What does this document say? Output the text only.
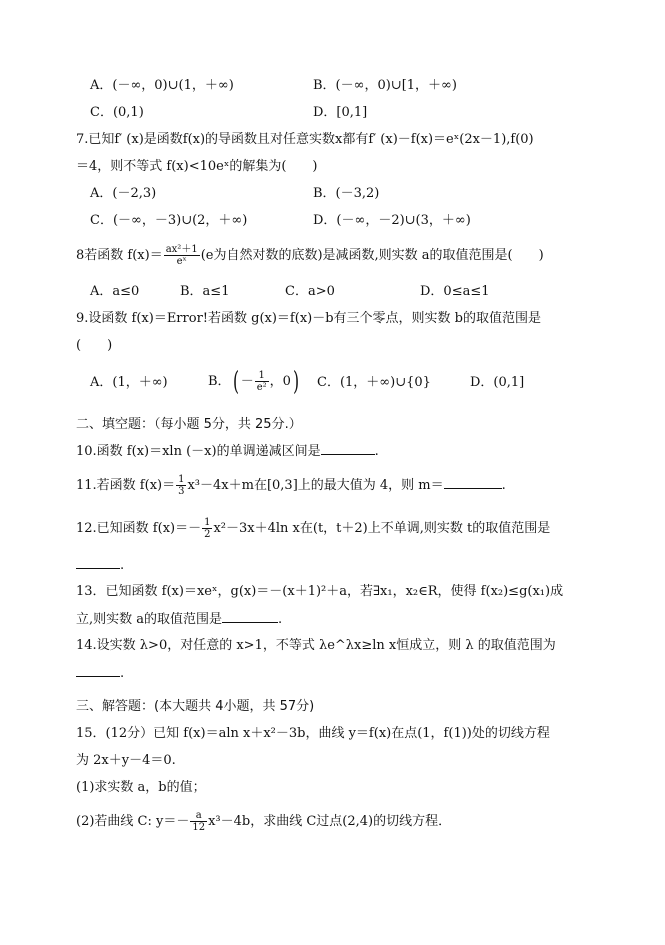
A．(－∞，0)∪(1，＋∞)	B．(－∞，0)∪[1，＋∞)
C．(0,1)	D．[0,1]
7.已知f′ (x)是函数f(x)的导函数且对任意实数x都有f′ (x)－f(x)＝eˣ(2x－1),f(0)
＝4，则不等式 f(x)<10eˣ的解集为(　　)
A．(－2,3)	B．(－3,2)
C．(－∞，－3)∪(2，＋∞)	D．(－∞，－2)∪(3，＋∞)
8若函数 $f(x)= \frac{\text{ax²＋1}}{\text{eˣ}} (e$为自然对数的底数)是减函数,则实数 a的取值范围是(　　)
A．a≤0	B．a≤1	C．a>0	D．0≤a≤1
9.设函数 f(x)＝Error!若函数 g(x)＝f(x)－b有三个零点，则实数 b的取值范围是
(　　)
A．(1，＋∞)	B．( － $\frac{1}{\text{e²}}$ ，0) C．(1，＋∞)∪{0}	D．(0,1]
二、填空题：（每小题 5分，共 25分.）
10.函数 f(x)＝xln (－x)的单调递减区间是	.
11.若函数 $f(x)= \frac{1}{3} x^3-4x+m$在[0,3]上的最大值为 4，则 m＝	.
12.已知函数 $f(x)=- \frac{1}{2} x^2-3x+4\ln$ x在(t，t＋2)上不单调,则实数 t的取值范围是
.
13．已知函数 f(x)＝xeˣ，g(x)＝－(x＋1)²＋a，若∃x₁，x₂∈R，使得 f(x₂)≤g(x₁)成
立,则实数 a的取值范围是	.
14.设实数 λ>0，对任意的 x>1，不等式 λe^λx≥ln x恒成立，则 λ 的取值范围为
.
三、解答题：(本大题共 4小题，共 57分)
15．(12分）已知 f(x)＝aln x＋x²－3b，曲线 y＝f(x)在点(1，f(1))处的切线方程
为 2x＋y－4＝0.
(1)求实数 a，b的值；
(2)若曲线 C: $y=- \frac{a}{12} x^3-4b$，求曲线 C过点(2,4)的切线方程．
